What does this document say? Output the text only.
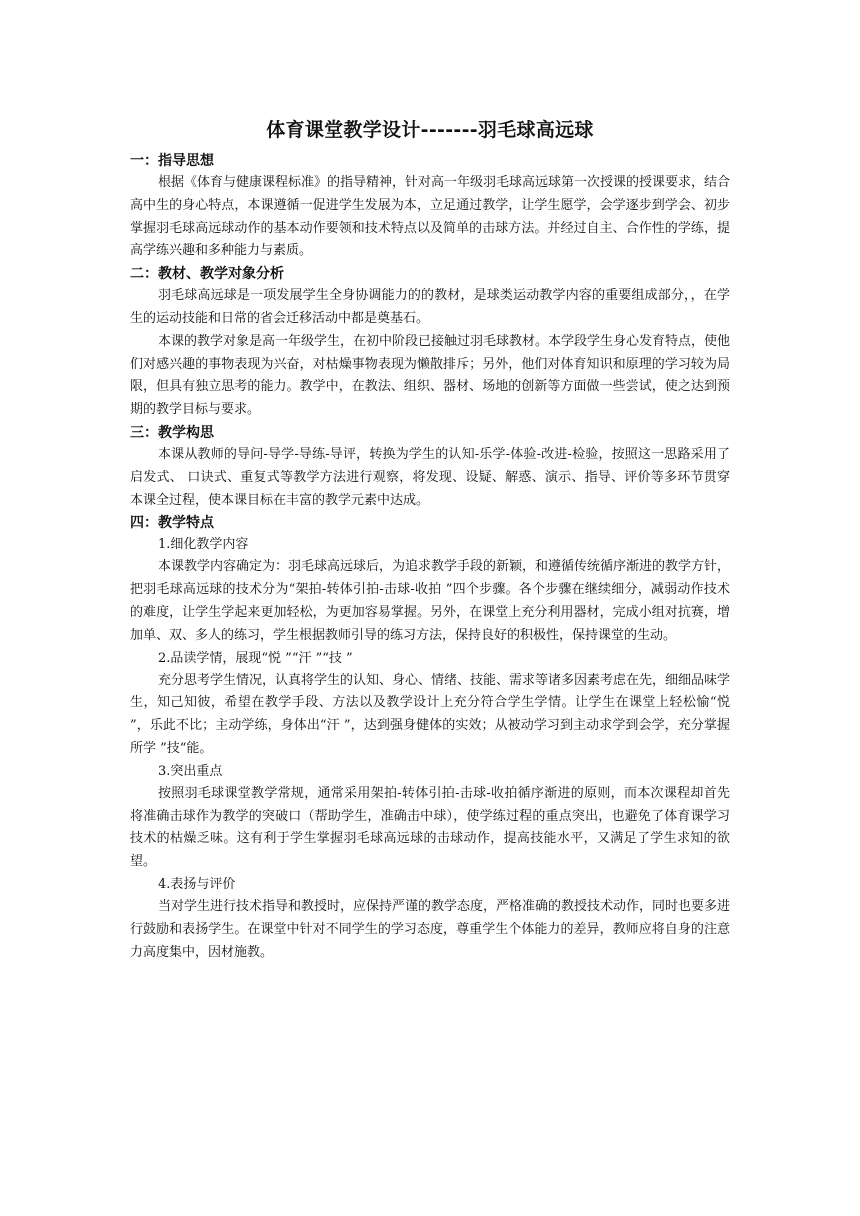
体育课堂教学设计-------羽毛球高远球

一：指导思想

根据《体育与健康课程标准》的指导精神，针对高一年级羽毛球高远球第一次授课的授课要求，结合高中生的身心特点，本课遵循一促进学生发展为本，立足通过教学，让学生愿学，会学逐步到学会、初步掌握羽毛球高远球动作的基本动作要领和技术特点以及简单的击球方法。并经过自主、合作性的学练，提高学练兴趣和多种能力与素质。

二：教材、教学对象分析

羽毛球高远球是一项发展学生全身协调能力的的教材，是球类运动教学内容的重要组成部分，，在学生的运动技能和日常的省会迁移活动中都是奠基石。

本课的教学对象是高一年级学生，在初中阶段已接触过羽毛球教材。本学段学生身心发育特点，使他们对感兴趣的事物表现为兴奋，对枯燥事物表现为懒散排斥；另外，他们对体育知识和原理的学习较为局限，但具有独立思考的能力。教学中，在教法、组织、器材、场地的创新等方面做一些尝试，使之达到预期的教学目标与要求。

三：教学构思

本课从教师的导问-导学-导练-导评，转换为学生的认知-乐学-体验-改进-检验，按照这一思路采用了启发式、 口诀式、重复式等教学方法进行观察，将发现、设疑、解惑、演示、指导、评价等多环节贯穿本课全过程，使本课目标在丰富的教学元素中达成。

四：教学特点

1.细化教学内容

本课教学内容确定为：羽毛球高远球后，为追求教学手段的新颖，和遵循传统循序渐进的教学方针，把羽毛球高远球的技术分为“架拍-转体引拍-击球-收拍 ”四个步骤。各个步骤在继续细分，减弱动作技术的难度，让学生学起来更加轻松，为更加容易掌握。另外，在课堂上充分利用器材，完成小组对抗赛，增加单、双、多人的练习，学生根据教师引导的练习方法，保持良好的积极性，保持课堂的生动。

2.品读学情，展现“悦 ”“汗 ”“技 ”

充分思考学生情况，认真将学生的认知、身心、情绪、技能、需求等诸多因素考虑在先，细细品味学生，知己知彼，希望在教学手段、方法以及教学设计上充分符合学生学情。让学生在课堂上轻松愉“悦 ”，乐此不比；主动学练，身体出“汗 ”，达到强身健体的实效；从被动学习到主动求学到会学，充分掌握所学 ”技“能。

3.突出重点

按照羽毛球课堂教学常规，通常采用架拍-转体引拍-击球-收拍循序渐进的原则，而本次课程却首先将准确击球作为教学的突破口（帮助学生，准确击中球），使学练过程的重点突出，也避免了体育课学习技术的枯燥乏味。这有利于学生掌握羽毛球高远球的击球动作，提高技能水平，又满足了学生求知的欲望。

4.表扬与评价

当对学生进行技术指导和教授时，应保持严谨的教学态度，严格准确的教授技术动作，同时也要多进行鼓励和表扬学生。在课堂中针对不同学生的学习态度，尊重学生个体能力的差异，教师应将自身的注意力高度集中，因材施教。
